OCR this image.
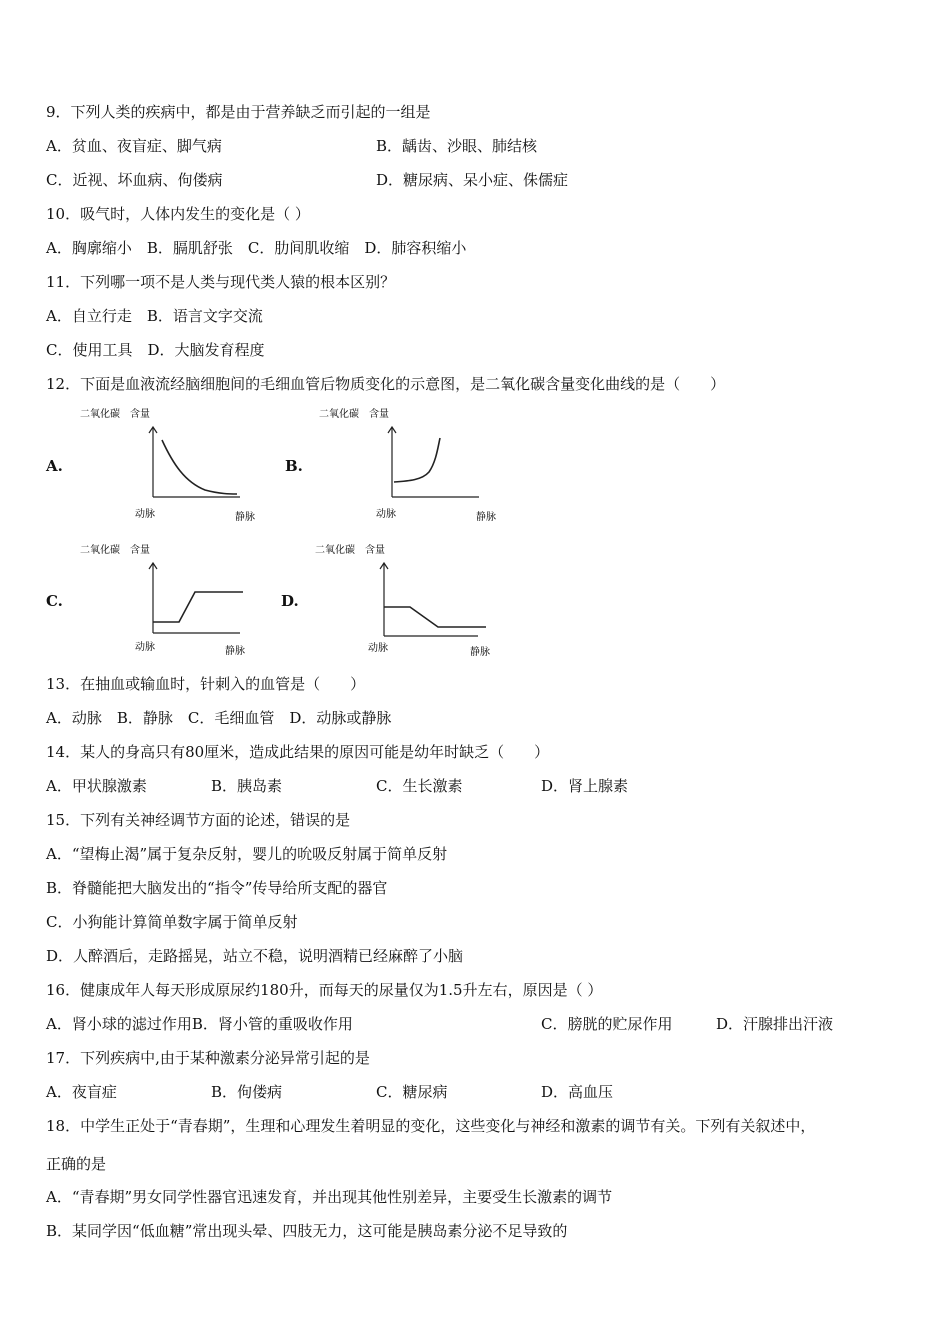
9．下列人类的疾病中，都是由于营养缺乏而引起的一组是
A．贫血、夜盲症、脚气病	B．龋齿、沙眼、肺结核
C．近视、坏血病、佝偻病	D．糖尿病、呆小症、侏儒症
10．吸气时，人体内发生的变化是（ ）
A．胸廓缩小　B．膈肌舒张　C．肋间肌收缩　D．肺容积缩小
11．下列哪一项不是人类与现代类人猿的根本区别？
A．自立行走　B．语言文字交流
C．使用工具　D．大脑发育程度
12．下面是血液流经脑细胞间的毛细血管后物质变化的示意图，是二氧化碳含量变化曲线的是（　　）
A.
二氧化碳 含量
动脉	静脉
B.
二氧化碳 含量
动脉	静脉
C.
二氧化碳 含量
动脉	静脉
D.
二氧化碳 含量
动脉	静脉
13．在抽血或输血时，针刺入的血管是（　　）
A．动脉　B．静脉　C．毛细血管　D．动脉或静脉
14．某人的身高只有80厘米，造成此结果的原因可能是幼年时缺乏（　　）
A．甲状腺激素	B．胰岛素	C．生长激素	D．肾上腺素
15．下列有关神经调节方面的论述，错误的是
A．“望梅止渴”属于复杂反射，婴儿的吮吸反射属于简单反射
B．脊髓能把大脑发出的“指令”传导给所支配的器官
C．小狗能计算简单数字属于简单反射
D．人醉酒后，走路摇晃，站立不稳，说明酒精已经麻醉了小脑
16．健康成年人每天形成原尿约180升，而每天的尿量仅为1.5升左右，原因是（ ）
A．肾小球的滤过作用B．肾小管的重吸收作用	C．膀胱的贮尿作用	D．汗腺排出汗液
17．下列疾病中,由于某种激素分泌异常引起的是
A．夜盲症	B．佝偻病	C．糖尿病	D．高血压
18．中学生正处于“青春期”，生理和心理发生着明显的变化，这些变化与神经和激素的调节有关。下列有关叙述中，
正确的是
A．“青春期”男女同学性器官迅速发育，并出现其他性别差异，主要受生长激素的调节
B．某同学因“低血糖”常出现头晕、四肢无力，这可能是胰岛素分泌不足导致的
